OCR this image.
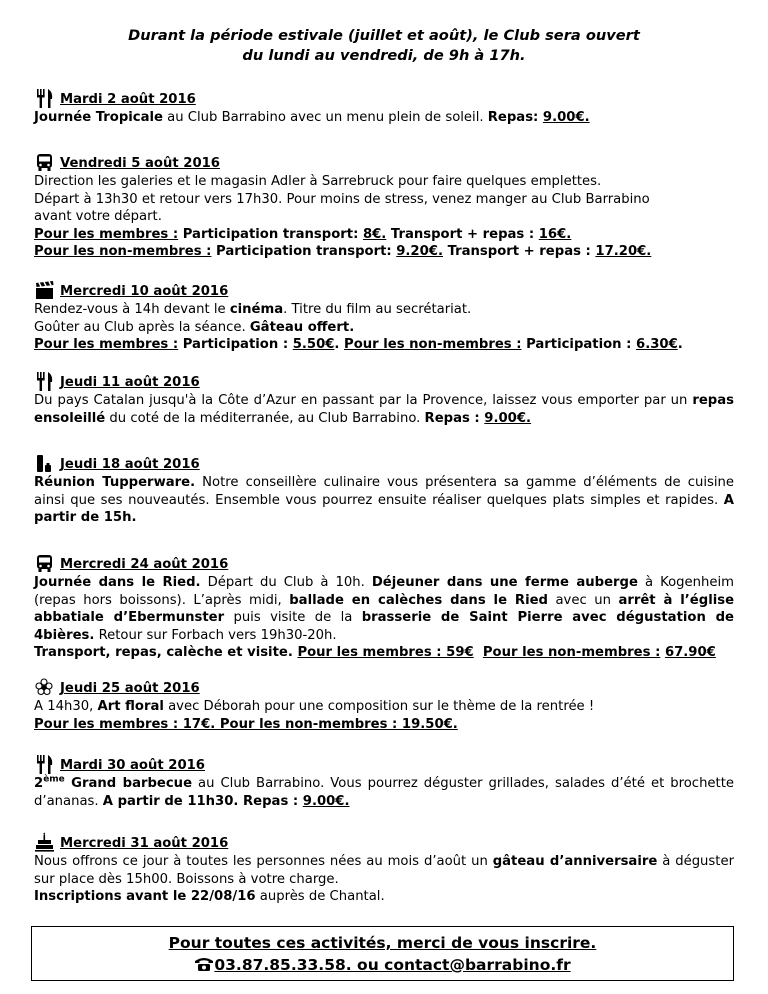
Durant la période estivale (juillet et août), le Club sera ouvert
du lundi au vendredi, de 9h à 17h.
Mardi 2 août 2016
Journée Tropicale au Club Barrabino avec un menu plein de soleil. Repas: 9.00€.
Vendredi 5 août 2016
Direction les galeries et le magasin Adler à Sarrebruck pour faire quelques emplettes.
Départ à 13h30 et retour vers 17h30. Pour moins de stress, venez manger au Club Barrabino
avant votre départ.
Pour les membres : Participation transport: 8€. Transport + repas : 16€.
Pour les non-membres : Participation transport: 9.20€. Transport + repas : 17.20€.
Mercredi 10 août 2016
Rendez-vous à 14h devant le cinéma. Titre du film au secrétariat.
Goûter au Club après la séance. Gâteau offert.
Pour les membres : Participation : 5.50€. Pour les non-membres : Participation : 6.30€.
Jeudi 11 août 2016
Du pays Catalan jusqu'à la Côte d’Azur en passant par la Provence, laissez vous emporter par un repas ensoleillé du coté de la méditerranée, au Club Barrabino. Repas : 9.00€.
Jeudi 18 août 2016
Réunion Tupperware. Notre conseillère culinaire vous présentera sa gamme d’éléments de cuisine ainsi que ses nouveautés. Ensemble vous pourrez ensuite réaliser quelques plats simples et rapides. A partir de 15h.
Mercredi 24 août 2016
Journée dans le Ried. Départ du Club à 10h. Déjeuner dans une ferme auberge à Kogenheim (repas hors boissons). L’après midi, ballade en calèches dans le Ried avec un arrêt à l’église abbatiale d’Ebermunster puis visite de la brasserie de Saint Pierre avec dégustation de 4bières. Retour sur Forbach vers 19h30-20h.
Transport, repas, calèche et visite. Pour les membres : 59€ Pour les non-membres : 67.90€
Jeudi 25 août 2016
A 14h30, Art floral avec Déborah pour une composition sur le thème de la rentrée !
Pour les membres : 17€. Pour les non-membres : 19.50€.
Mardi 30 août 2016
2ème Grand barbecue au Club Barrabino. Vous pourrez déguster grillades, salades d’été et brochette d’ananas. A partir de 11h30. Repas : 9.00€.
Mercredi 31 août 2016
Nous offrons ce jour à toutes les personnes nées au mois d’août un gâteau d’anniversaire à déguster sur place dès 15h00. Boissons à votre charge.
Inscriptions avant le 22/08/16 auprès de Chantal.
Pour toutes ces activités, merci de vous inscrire.
03.87.85.33.58. ou contact@barrabino.fr
